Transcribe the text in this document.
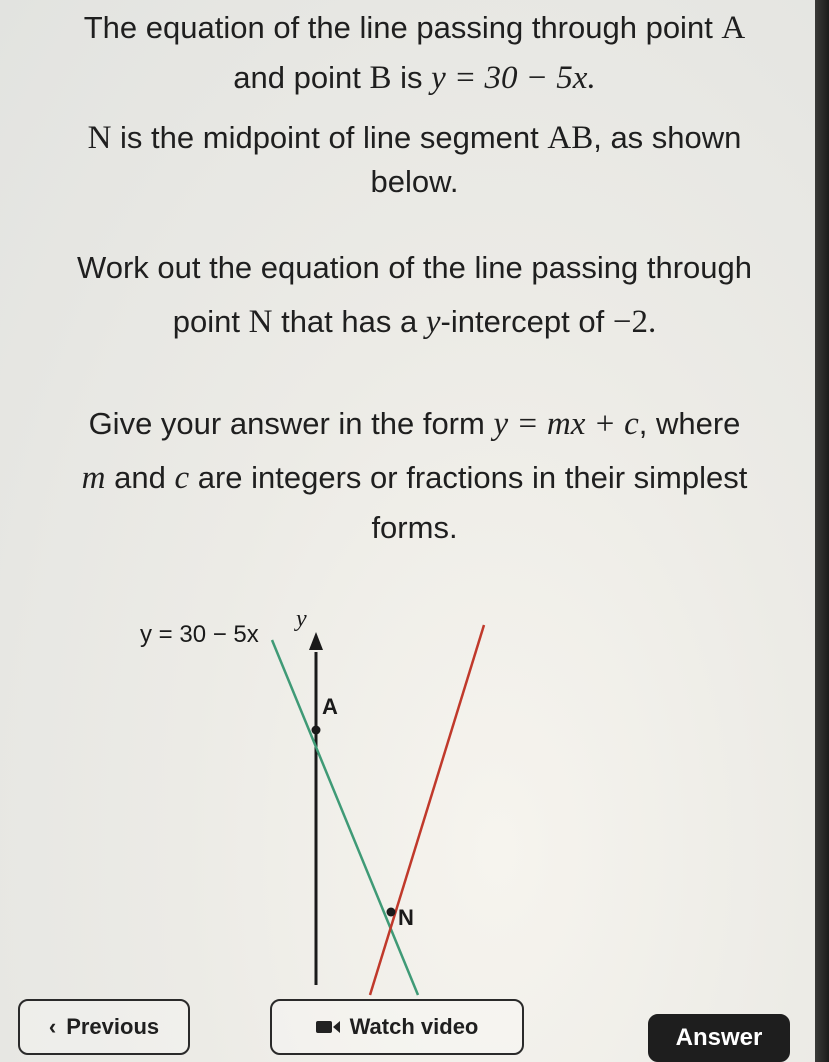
The equation of the line passing through point A
and point B is y = 30 − 5x.
N is the midpoint of line segment AB, as shown
below.
Work out the equation of the line passing through
point N that has a y-intercept of −2.
Give your answer in the form y = mx + c, where
m and c are integers or fractions in their simplest
forms.
y = 30 − 5x
y
A
N
‹ Previous	Watch video	Answer
